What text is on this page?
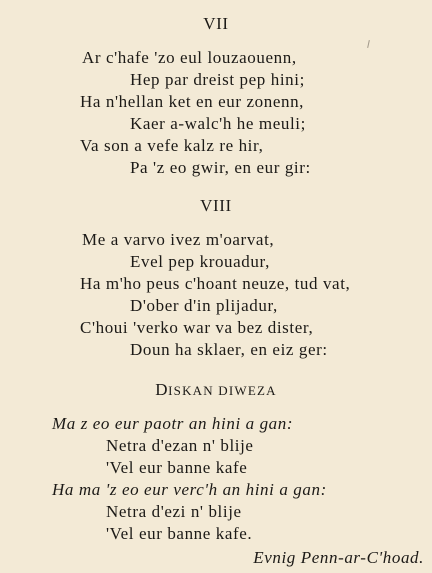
VII
Ar c'hafe 'zo eul louzaouenn,
Hep par dreist pep hini;
Ha n'hellan ket en eur zonenn,
Kaer a-walc'h he meuli;
Va son a vefe kalz re hir,
Pa 'z eo gwir, en eur gir:
VIII
Me a varvo ivez m'oarvat,
Evel pep krouadur,
Ha m'ho peus c'hoant neuze, tud vat,
D'ober d'in plijadur,
C'houi 'verko war va bez dister,
Doun ha sklaer, en eiz ger:
DISKAN DIWEZA
Ma z eo eur paotr an hini a gan:
Netra d'ezan n' blije
'Vel eur banne kafe
Ha ma 'z eo eur verc'h an hini a gan:
Netra d'ezi n' blije
'Vel eur banne kafe.
Evnig Penn-ar-C'hoad.
